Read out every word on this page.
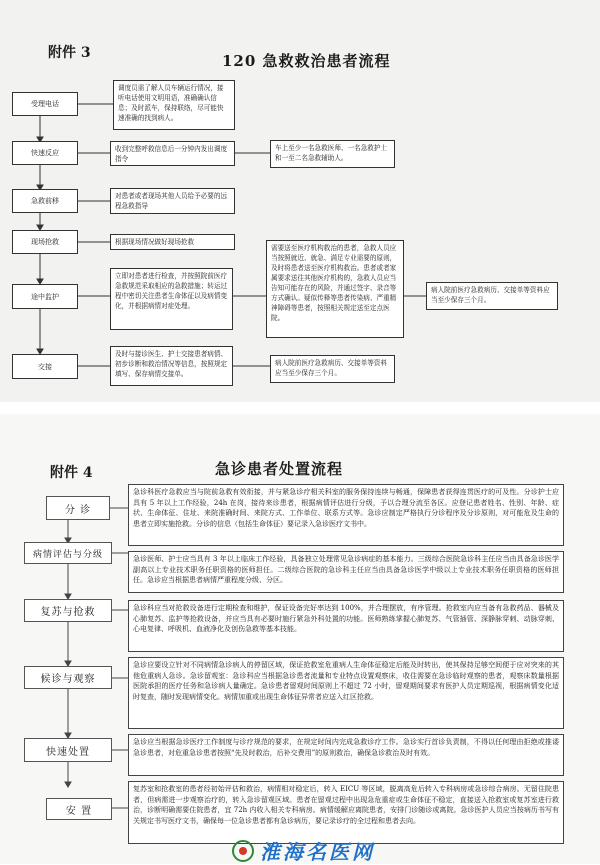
附件 3	120 急救救治患者流程
受理电话
调度员需了解人员车辆运行情况，接听电话使用文明用语，准确确认信息；及时派车，保持联络，尽可能快速准确的找到病人。
快速反应	收到完整呼救信息后一分钟内发出调度指令
车上至少一名急救医师、一名急救护士和一至二名急救辅助人。
急救前移
对患者或者现场其他人员给予必要的远程急救指导
现场抢救	根据现场情况做好现场抢救
需要送至医疗机构救治的患者，急救人员应当按照就近、就急、满足专业需要的原则，及时将患者送至医疗机构救治。患者或者家属要求送往其他医疗机构的，急救人员应当告知可能存在的风险，并通过签字、录音等方式确认。疑似传释等患者传染病、严重精神障碍等患者，按照相关规定送至定点医院。
途中监护
立即对患者进行检查，并按照院前医疗急救规范采取相应的急救措施；转运过程中密切关注患者生命体征以及病情变化，并根据病情对症处理。
病人院前医疗急救病历、交接单等资料应当至少保存三个月。
交接
及时与接诊医生、护士交接患者病情、初步诊断和救治情况等信息，按照规定填写、保存病情交接单。
病人院前医疗急救病历、交接单等资料应当至少保存三个月。
附件 4	急诊患者处置流程
分 诊
急诊科医疗急救应当与院前急救有效衔接，并与紧急诊疗相关科室的服务保持连续与畅通，保障患者获得连贯医疗的可及性。分诊护士应具有 5 年以上工作经验，24h 在岗，接待来诊患者，根据病情评估进行分级，予以合理分流至各区。应登记患者姓名、性别、年龄、症状、生命体征、住址、来院准确时间、来院方式、工作单位、联系方式等。急诊应制定严格执行分诊程序及分诊原则，对可能危及生命的患者立即实施抢救。分诊的信息（包括生命体征）要记录入急诊医疗文书中。
病情评估与分级	急诊医师、护士应当具有 3 年以上临床工作经验，具备独立处理常见急诊病症的基本能力。三级综合医院急诊科主任应当由具备急诊医学副高以上专业技术职务任职资格的医师担任。二级综合医院的急诊科主任应当由具备急诊医学中级以上专业技术职务任职资格的医师担任。急诊应当根据患者病情严重程度分级、分区。
复苏与抢救	急诊科应当对抢救设备进行定期检查和维护，保证设备完好率达到 100%，并合理摆放，有序管理。抢救室内应当备有急救药品、器械及心肺复苏、监护等抢救设备，并应当具有必要时施行紧急外科处置的功能。医师熟练掌握心肺复苏、气管插管、深静脉穿刺、动脉穿刺、心电复律、呼吸机、血液净化及创伤急救等基本技能。
候诊与观察
急诊应要设立针对不同病情急诊病人的停留区域，保证抢救室危重病人生命体征稳定后能及时转出，使其保持足够空间便于应对突来的其他危重病人急诊。急诊留观室：急诊科应当根据急诊患者流量和专业特点设置观察床，收住需要在急诊临时观察的患者，观察床数量根据医院承担的医疗任务和急诊病人量确定。急诊患者留观时间原则上不超过 72 小时，留观期间要求有医护人员定期巡视，根据病情变化适时复查，随时发现病情变化。病情加重或出现生命体征异常者应送入红区抢救。
快速处置
急诊应当根据急诊医疗工作制度与诊疗规范的要求，在规定时间内完成急救诊疗工作。急诊实行首诊负责制，不得以任何理由拒绝或推诿急诊患者，对危重急诊患者按照“先及时救治，后补交费用”的原则救治，确保急诊救治及时有效。
安 置
复苏室和抢救室的患者经初始评估和救治，病情相对稳定后，转入 EICU 等区域，脱离高危后转入专科病房或急诊综合病房。无留住院患者，但病需进一步观察治疗的，转入急诊留观区域。患者在留观过程中出现急危重症或生命体征不稳定，直接送入抢救室或复苏室进行救治，诊断明确需要住院患者，宜 72h 内收入相关专科病房。病情缓解应离院患者，安排门诊随诊或离院。急诊医护人员应当按病历书写有关规定书写医疗文书，确保每一位急诊患者都有急诊病历，要记录诊疗的全过程和患者去向。
淮海名医网
